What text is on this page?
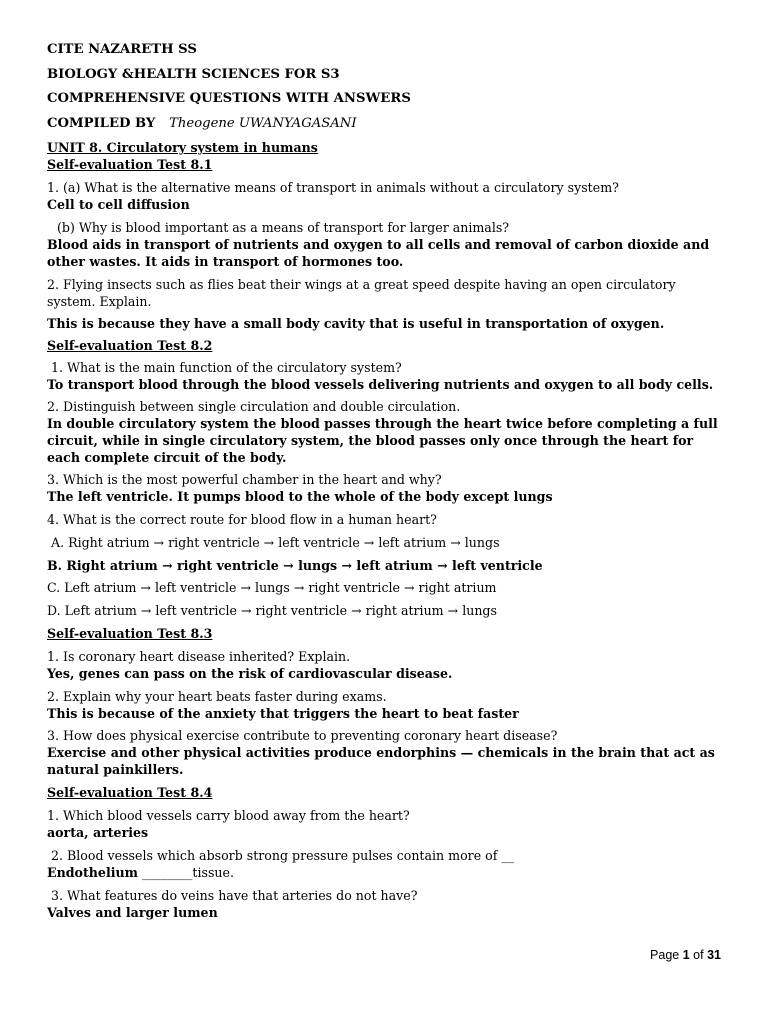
CITE NAZARETH SS

BIOLOGY &HEALTH SCIENCES FOR S3

COMPREHENSIVE QUESTIONS WITH ANSWERS

COMPILED BY Theogene UWANYAGASANI

UNIT 8. Circulatory system in humans

Self-evaluation Test 8.1

1. (a) What is the alternative means of transport in animals without a circulatory system?

Cell to cell diffusion

(b) Why is blood important as a means of transport for larger animals?

Blood aids in transport of nutrients and oxygen to all cells and removal of carbon dioxide and other wastes. It aids in transport of hormones too.

2. Flying insects such as flies beat their wings at a great speed despite having an open circulatory system. Explain.

This is because they have a small body cavity that is useful in transportation of oxygen.

Self-evaluation Test 8.2

1. What is the main function of the circulatory system?

To transport blood through the blood vessels delivering nutrients and oxygen to all body cells.

2. Distinguish between single circulation and double circulation.

In double circulatory system the blood passes through the heart twice before completing a full circuit, while in single circulatory system, the blood passes only once through the heart for each complete circuit of the body.

3. Which is the most powerful chamber in the heart and why?

The left ventricle. It pumps blood to the whole of the body except lungs

4. What is the correct route for blood flow in a human heart?

A. Right atrium → right ventricle → left ventricle → left atrium → lungs

B. Right atrium → right ventricle → lungs → left atrium → left ventricle

C. Left atrium → left ventricle → lungs → right ventricle → right atrium

D. Left atrium → left ventricle → right ventricle → right atrium → lungs

Self-evaluation Test 8.3

1. Is coronary heart disease inherited? Explain.

Yes, genes can pass on the risk of cardiovascular disease.

2. Explain why your heart beats faster during exams.

This is because of the anxiety that triggers the heart to beat faster

3. How does physical exercise contribute to preventing coronary heart disease?

Exercise and other physical activities produce endorphins — chemicals in the brain that act as natural painkillers.

Self-evaluation Test 8.4

1. Which blood vessels carry blood away from the heart?

aorta, arteries

2. Blood vessels which absorb strong pressure pulses contain more of __

Endothelium ________tissue.

3. What features do veins have that arteries do not have?

Valves and larger lumen

Page 1 of 31
